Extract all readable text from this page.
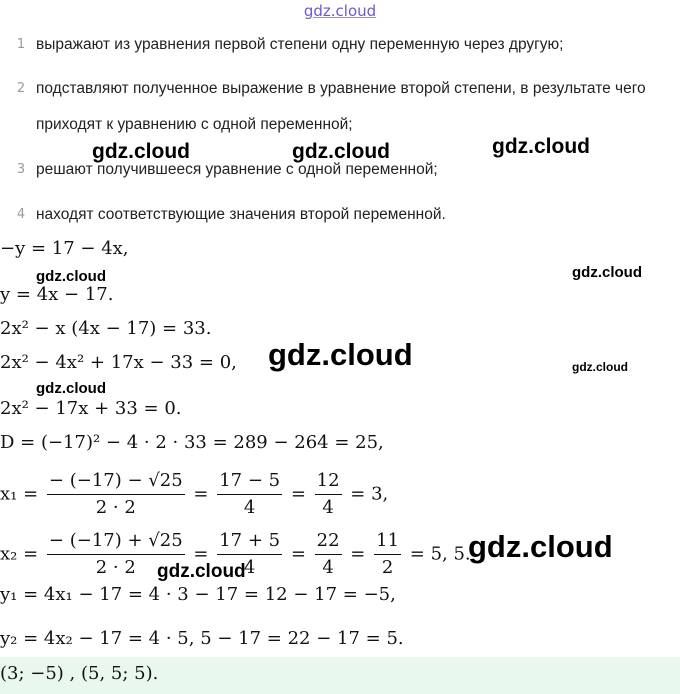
gdz.cloud
1 выражают из уравнения первой степени одну переменную через другую;
2 подставляют полученное выражение в уравнение второй степени, в результате чего приходят к уравнению с одной переменной;
3 решают получившееся уравнение с одной переменной;
4 находят соответствующие значения второй переменной.
−y = 17 − 4x,
y = 4x − 17.
2x² − x (4x − 17) = 33.
2x² − 4x² + 17x − 33 = 0,
2x² − 17x + 33 = 0.
D = (−17)² − 4 · 2 · 33 = 289 − 264 = 25,
$x_1 = \frac{- (-17) - √25}{2 \cdot 2} = \frac{17 - 5}{4} = \frac{12}{4} = 3$,
$x_2 = \frac{- (-17) + √25}{2 \cdot 2} = \frac{17 + 5}{4} = \frac{22}{4} = \frac{11}{2} = 5$, 5.
y₁ = 4x₁ − 17 = 4 · 3 − 17 = 12 − 17 = −5,
y₂ = 4x₂ − 17 = 4 · 5, 5 − 17 = 22 − 17 = 5.
(3; −5) , (5, 5; 5).
gdz.cloud	gdz.cloud	gdz.cloud
gdz.cloud	gdz.cloud
gdz.cloud	gdz.cloud
gdz.cloud
gdz.cloud
gdz.cloud
